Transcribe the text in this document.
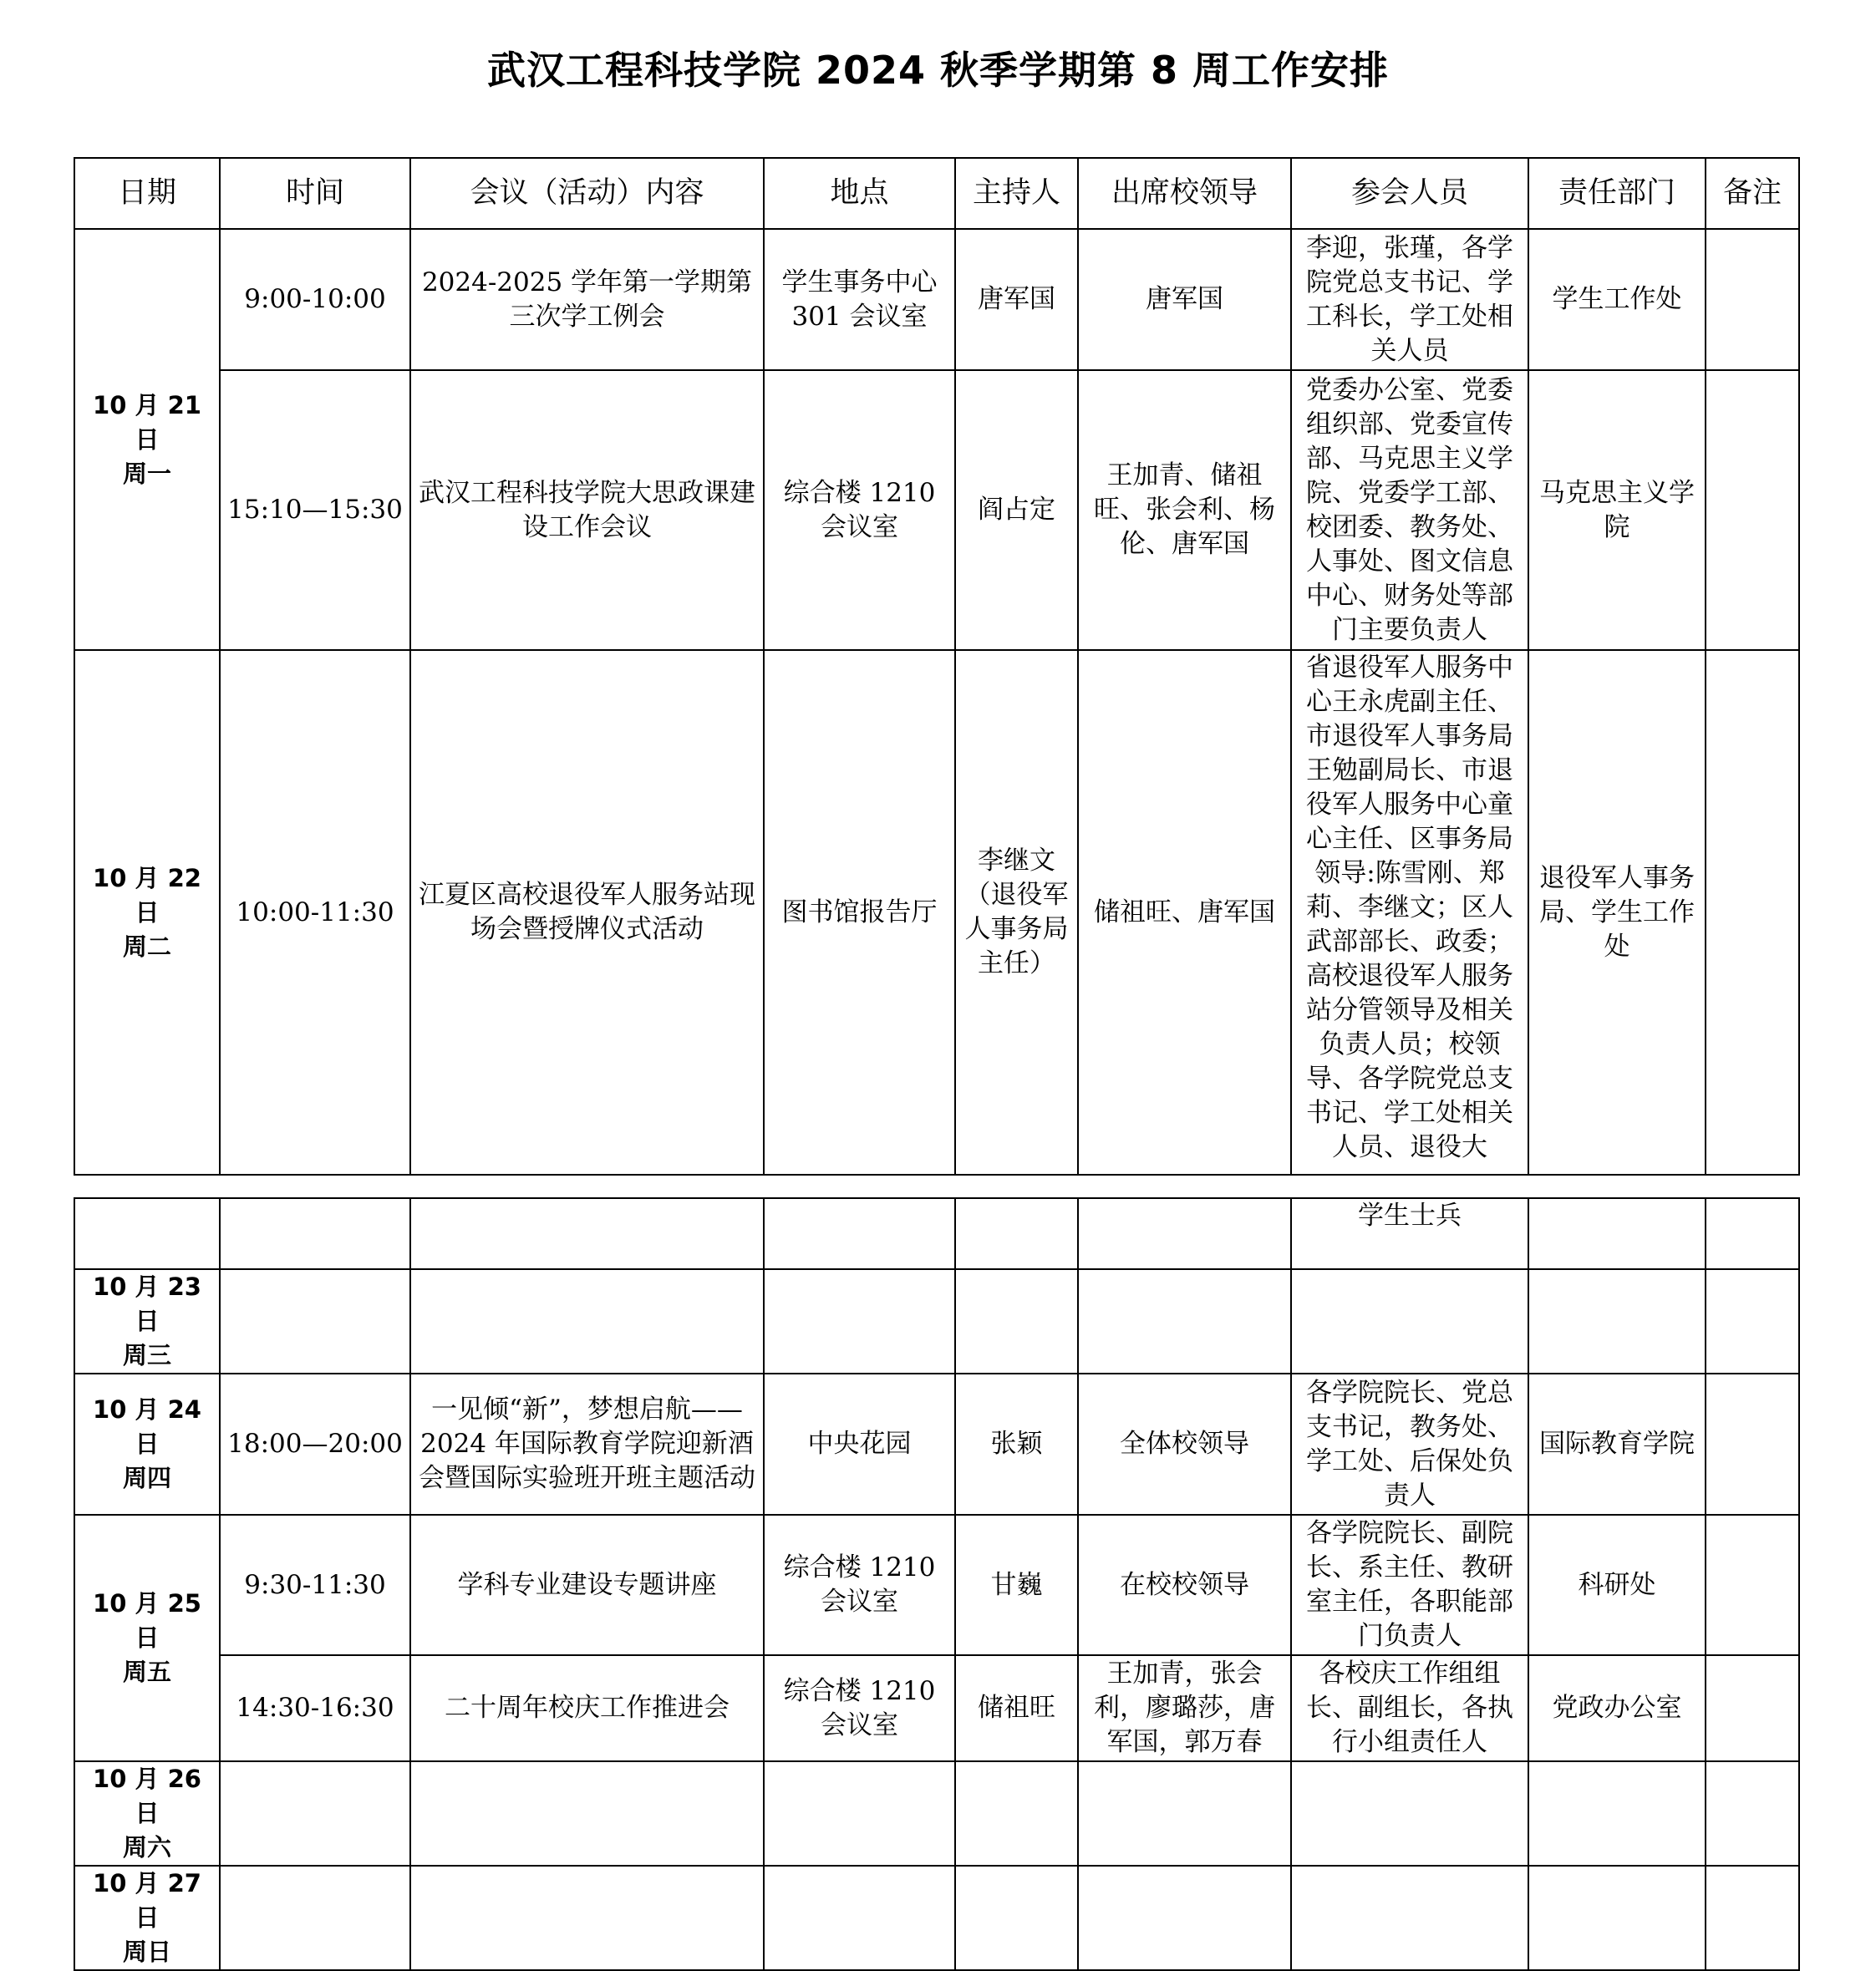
武汉工程科技学院 2024 秋季学期第 8 周工作安排
日期	时间	会议（活动）内容	地点	主持人	出席校领导	参会人员	责任部门	备注

10 月 21 日
周一	9:00-10:00	2024-2025 学年第一学期第三次学工例会	学生事务中心 301 会议室	唐军国	唐军国	李迎，张瑾，各学院党总支书记、学工科长，学工处相关人员	学生工作处	
	15:10—15:30	武汉工程科技学院大思政课建设工作会议	综合楼 1210 会议室	阎占定	王加青、储祖旺、张会利、杨伦、唐军国	党委办公室、党委组织部、党委宣传部、马克思主义学院、党委学工部、校团委、教务处、人事处、图文信息中心、财务处等部门主要负责人	马克思主义学院	

10 月 22 日
周二	10:00-11:30	江夏区高校退役军人服务站现场会暨授牌仪式活动	图书馆报告厅	李继文（退役军人事务局主任）	储祖旺、唐军国	省退役军人服务中心王永虎副主任、市退役军人事务局王勉副局长、市退役军人服务中心童心主任、区事务局领导:陈雪刚、郑莉、李继文；区人武部部长、政委；高校退役军人服务站分管领导及相关负责人员；校领导、各学院党总支书记、学工处相关人员、退役大	退役军人事务局、学生工作处	
						学生士兵		

10 月 23 日
周三								

10 月 24 日
周四	18:00—20:00	一见倾“新”，梦想启航——2024 年国际教育学院迎新酒会暨国际实验班开班主题活动	中央花园	张颖	全体校领导	各学院院长、党总支书记，教务处、学工处、后保处负责人	国际教育学院	

10 月 25 日
周五	9:30-11:30	学科专业建设专题讲座	综合楼 1210 会议室	甘巍	在校校领导	各学院院长、副院长、系主任、教研室主任，各职能部门负责人	科研处	
	14:30-16:30	二十周年校庆工作推进会	综合楼 1210 会议室	储祖旺	王加青，张会利，廖璐莎，唐军国，郭万春	各校庆工作组组长、副组长，各执行小组责任人	党政办公室	

10 月 26 日
周六								

10 月 27 日
周日								
